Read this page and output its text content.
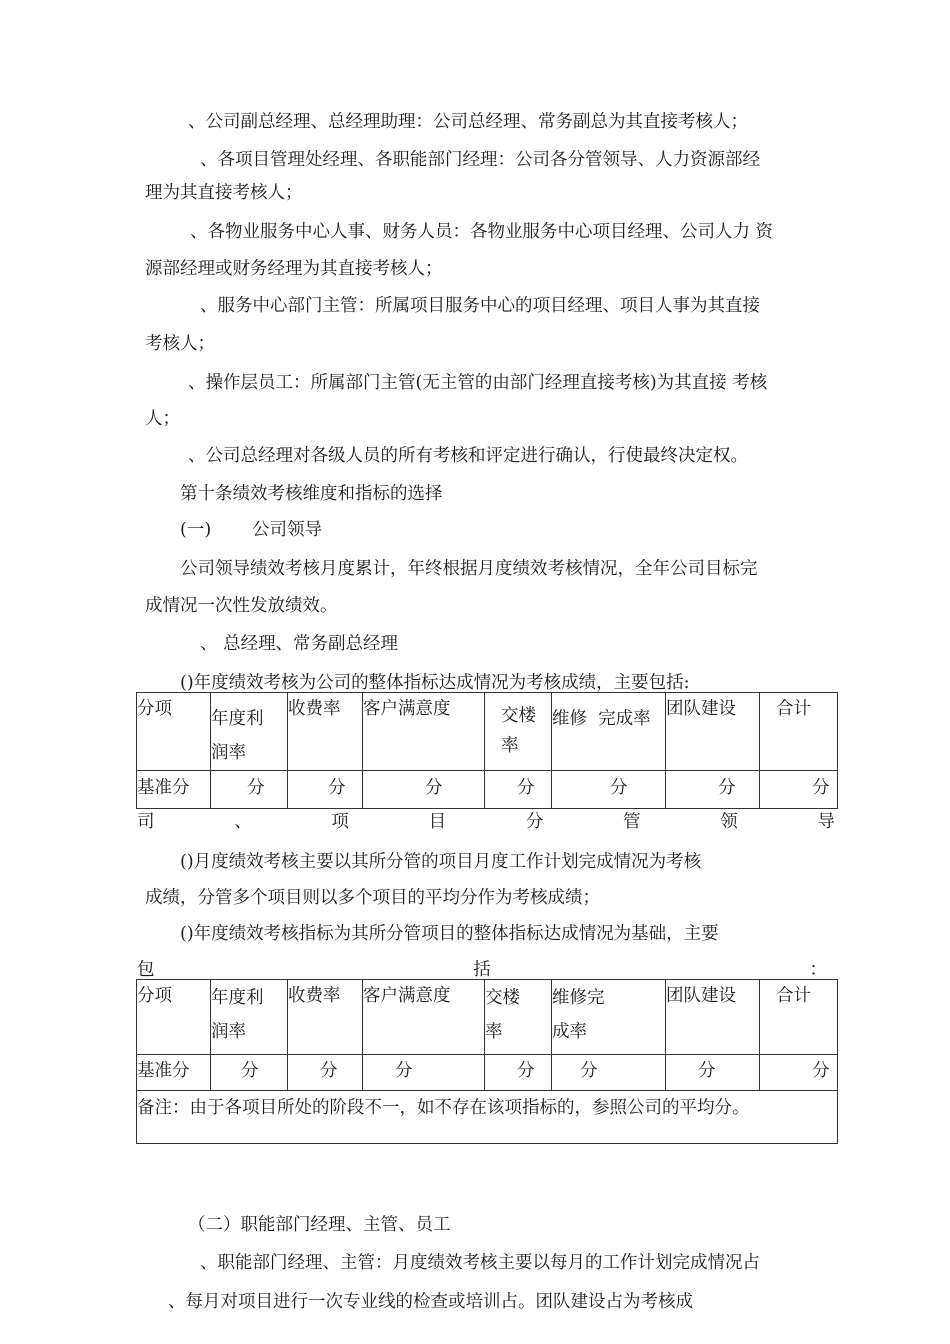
、公司副总经理、总经理助理：公司总经理、常务副总为其直接考核人；
、各项目管理处经理、各职能部门经理：公司各分管领导、人力资源部经
理为其直接考核人；
、各物业服务中心人事、财务人员：各物业服务中心项目经理、公司人力 资
源部经理或财务经理为其直接考核人；
、服务中心部门主管：所属项目服务中心的项目经理、项目人事为其直接
考核人；
、操作层员工：所属部门主管(无主管的由部门经理直接考核)为其直接 考核
人；
、公司总经理对各级人员的所有考核和评定进行确认，行使最终决定权。
第十条绩效考核维度和指标的选择
(一) 公司领导
公司领导绩效考核月度累计，年终根据月度绩效考核情况，全年公司目标完
成情况一次性发放绩效。
、 总经理、常务副总经理
()年度绩效考核为公司的整体指标达成情况为考核成绩，主要包括:
分项	年度利润率	收费率	客户满意度	交楼率	维修  完成率	团队建设	合计
基准分	分	分	分	分	分	分	分
司	、	项	目	分	管	领	导
()月度绩效考核主要以其所分管的项目月度工作计划完成情况为考核
成绩，分管多个项目则以多个项目的平均分作为考核成绩；
()年度绩效考核指标为其所分管项目的整体指标达成情况为基础，主要
包	括	：
分项	年度利润率	收费率	客户满意度	交楼率	维修完成率	团队建设	合计
基准分	分	分	分	分	分	分	分
备注：由于各项目所处的阶段不一，如不存在该项指标的，参照公司的平均分。							
（二）职能部门经理、主管、员工
、职能部门经理、主管：月度绩效考核主要以每月的工作计划完成情况占
、每月对项目进行一次专业线的检查或培训占。团队建设占为考核成
